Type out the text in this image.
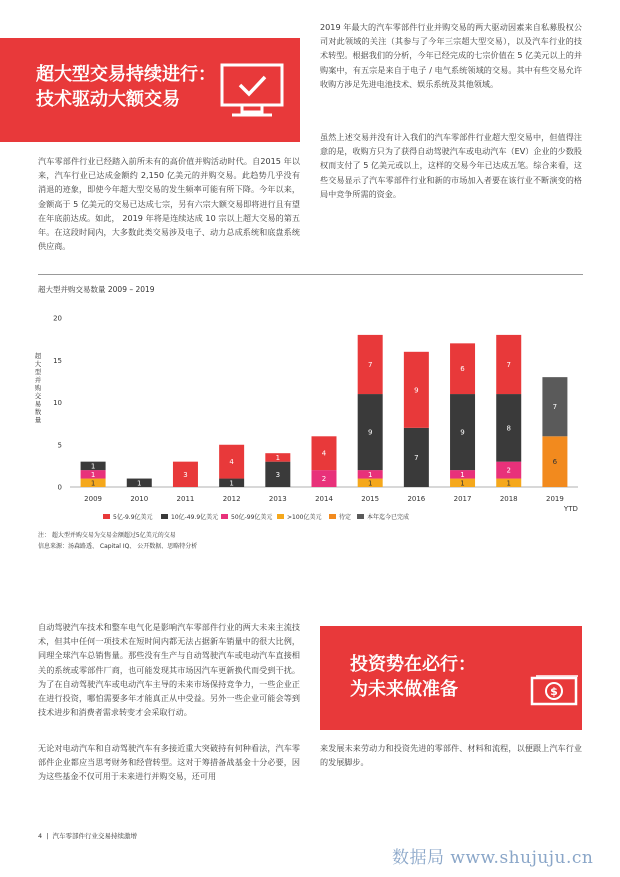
2019 年最大的汽车零部件行业并购交易的两大驱动因素来自私募股权公司对此领域的关注（其参与了今年三宗超大型交易），以及汽车行业的技术转型。根据我们的分析，今年已经完成的七宗价值在 5 亿美元以上的并购案中，有五宗是来自于电子 / 电气系统领域的交易。其中有些交易允许收购方涉足先进电池技术、娱乐系统及其他领域。
虽然上述交易并没有计入我们的汽车零部件行业超大型交易中，但值得注意的是，收购方只为了获得自动驾驶汽车或电动汽车（EV）企业的少数股权而支付了 5 亿美元或以上，这样的交易今年已达成五笔。综合来看，这些交易显示了汽车零部件行业和新的市场加入者要在该行业不断演变的格局中竞争所需的资金。
超大型交易持续进行：
技术驱动大额交易
汽车零部件行业已经踏入前所未有的高价值并购活动时代。自2015 年以来，汽车行业已达成金额约 2,150 亿美元的并购交易。此趋势几乎没有消退的迹象，即使今年超大型交易的发生频率可能有所下降。今年以来，金额高于 5 亿美元的交易已达成七宗，另有六宗大额交易即将进行且有望在年底前达成。如此， 2019 年将是连续达成 10 宗以上超大交易的第五年。在这段时间内，大多数此类交易涉及电子、动力总成系统和底盘系统供应商。
超大型并购交易数量 2009 – 2019
超
大
型
并
购
交
易
数
量
0
5
10
15
20
1
1
1
2009
1
2010
3
2011
1
4
2012
3
1
2013
2
4
2014
1
1
9
7
2015
7
9
2016
1
1
9
6
2017
1
2
8
7
2018
6
7
2019
YTD
5亿-9.9亿美元	10亿-49.9亿美元 50亿-99亿美元 >100亿美元	待定	本年迄今已完成
注： 超大型并购交易为交易金额超过5亿美元的交易
信息来源：汤森路透、 Capital IQ、 公开数据、思略特分析
自动驾驶汽车技术和整车电气化是影响汽车零部件行业的两大未来主流技术，但其中任何一项技术在短时间内都无法占据新车销量中的很大比例，同理全球汽车总销售量。那些没有生产与自动驾驶汽车或电动汽车直接相关的系统或零部件厂商，也可能发现其市场因汽车更新换代而受到干扰。为了在自动驾驶汽车或电动汽车主导的未来市场保持竞争力，一些企业正在进行投资，哪怕需要多年才能真正从中受益。另外一些企业可能会等到技术进步和消费者需求转变才会采取行动。
无论对电动汽车和自动驾驶汽车有多接近重大突破持有何种看法，汽车零部件企业都应当思考财务和经营转型。这对于筹措备战基金十分必要，因为这些基金不仅可用于未来进行并购交易，还可用
投资势在必行：
为未来做准备	$
来发展未来劳动力和投资先进的零部件、材料和流程，以便跟上汽车行业的发展脚步。
4 | 汽车零部件行业交易持续激增
数据局 www.shujuju.cn
